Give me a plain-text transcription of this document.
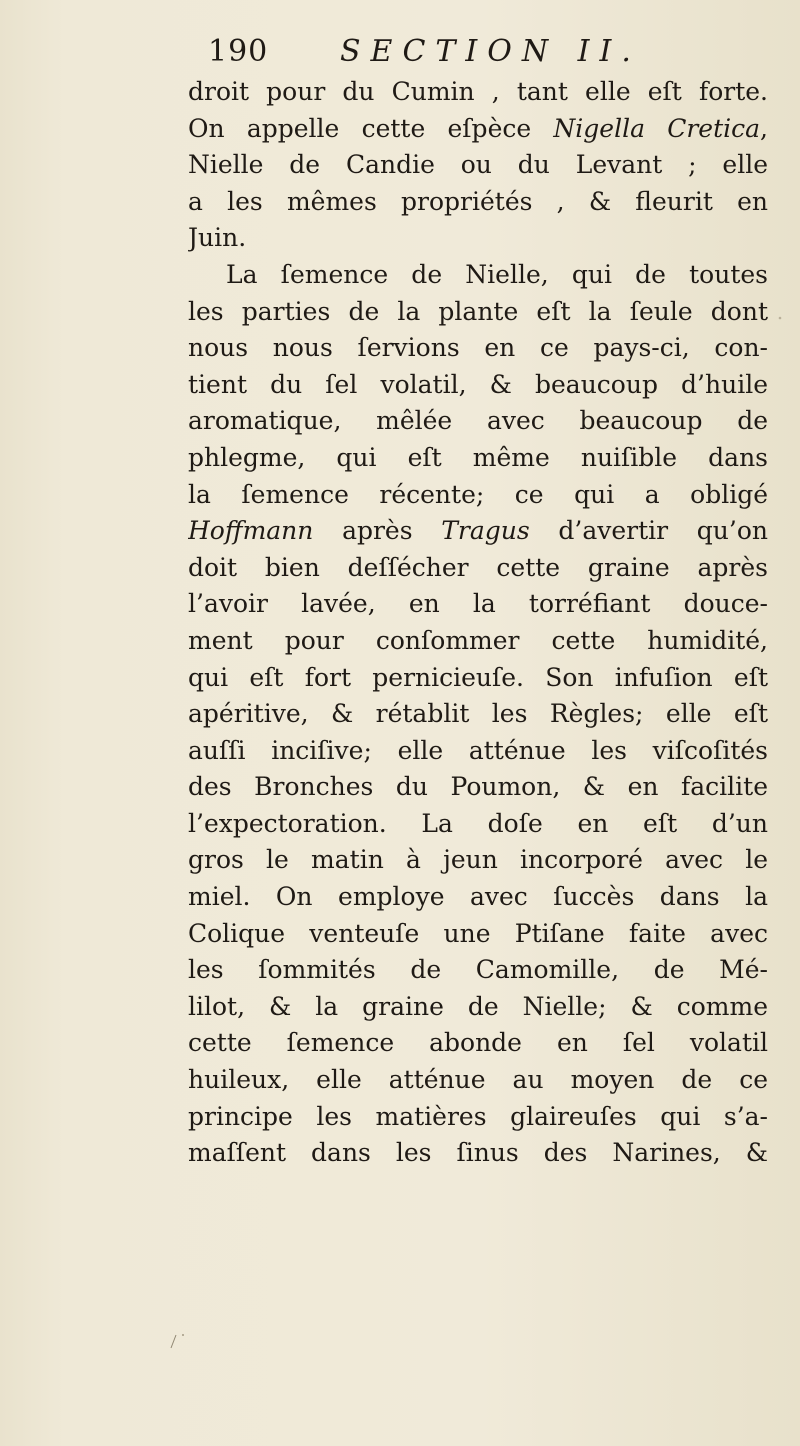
190 SECTION II.
droit pour du Cumin , tant elle eſt forte.
On appelle cette eſpèce Nigella Cretica,
Nielle de Candie ou du Levant ; elle
a les mêmes propriétés , & fleurit en
Juin.
La ſemence de Nielle, qui de toutes
les parties de la plante eſt la ſeule dont
nous nous ſervions en ce pays-ci, con-
tient du ſel volatil, & beaucoup d’huile
aromatique, mêlée avec beaucoup de
phlegme, qui eſt même nuiſible dans
la ſemence récente; ce qui a obligé
Hoffmann après Tragus d’avertir qu’on
doit bien deſſécher cette graine après
l’avoir lavée, en la torréfiant douce-
ment pour conſommer cette humidité,
qui eſt fort pernicieuſe. Son infuſion eſt
apéritive, & rétablit les Règles; elle eſt
auſſi inciſive; elle atténue les viſcoſités
des Bronches du Poumon, & en facilite
l’expectoration. La doſe en eſt d’un
gros le matin à jeun incorporé avec le
miel. On employe avec ſuccès dans la
Colique venteuſe une Ptiſane faite avec
les ſommités de Camomille, de Mé-
lilot, & la graine de Nielle; & comme
cette ſemence abonde en ſel volatil
huileux, elle atténue au moyen de ce
principe les matières glaireuſes qui s’a-
maſſent dans les ſinus des Narines, &
